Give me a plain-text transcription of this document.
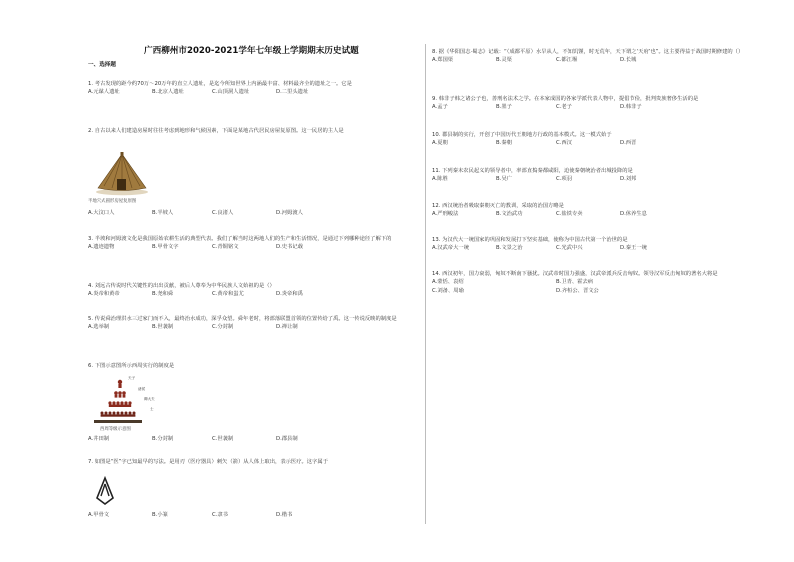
广西柳州市2020-2021学年七年级上学期期末历史试题
一、选择题
1. 考古发现的距今约70万～20万年的直立人遗址，是迄今所知世界上内涵最丰富、材料最齐全的遗址之一。它是
A.元谋人遗址	B.北京人遗址	C.山顶洞人遗址	D.二里头遗址
2. 自古以来人们建造房屋时往往考虑到地形和气候因素，下面是某地古代居民房屋复原图。这一民居的主人是
半地穴式圆形房屋复原图
A.大汶口人	B.半坡人	C.良渚人	D.河姆渡人
3. 半坡和河姆渡文化是我国原始农耕生活的典型代表。我们了解当时这两地人们的生产和生活情况，是通过下列哪种途径了解下的
A.遗迹遗物	B.甲骨文字	C.青铜铭文	D.史书记载
4. 刘远古传说时代关键性的出出贡献，被后人尊奉为中华民族人文始祖的是（）
A.炎帝和黄帝	B.尧和舜	C.黄帝和蚩尤	D.炎帝和禹
5. 传说舜治理洪水三过家门而不入，最终治水成功，深孚众望。舜年老时，将部落联盟首领的位置传给了禹。这一传说反映的制度是
A.选举制	B.世袭制	C.分封制	D.禅让制
6. 下图示意图所示西周实行的制度是
天子
诸侯
卿大夫
士
西周等级示意图
A.井田制	B.分封制	C.世袭制	D.郡县制
7. 如图是“医”字已知最早的写法。是用刃（医疗器具）刺矢（箭）从人体上取出，表示医疗。这字属于
A.甲骨文	B.小篆	C.隶书	D.楷书
8. 据《华阳国志·蜀志》记载：“（成都平原）水旱从人，不知饥馑，时无荒年，天下谓之‘天府’也”。这主要得益于战国时期修建的（）
A.郑国渠	B.灵渠	C.都江堰	D.长城
9. 韩非子韩之诸公子也，善刑名法术之学。在本家成国的各家学派代表人物中，提倡节俭，批判贵族奢侈生活的是
A.孟子	B.墨子	C.老子	D.韩非子
10. 郡县制的实行，开创了中国历代王朝地方行政的基本模式。这一模式始于
A.夏朝	B.秦朝	C.西汉	D.西晋
11. 下列秦末农民起义的领导者中，率部直捣秦都咸阳，迫使秦朝统治者出城投降的是
A.陈胜	B.吴广	C.项羽	D.刘邦
12. 西汉统治者吸取秦朝灭亡的教训，采取的治国方略是
A.严刑峻法	B.文治武功	C.盐铁专卖	D.休养生息
13. 为汉代大一统国家的巩固和发展打下坚实基础，使称为中国古代第一个治世的是
A.汉武帝大一统	B.文景之治	C.光武中兴	D.秦王一统
14. 西汉初年，国力衰弱，匈奴不断南下骚扰。汉武帝时国力强盛，汉武帝派兵反击匈奴。领导汉军反击匈奴的著名大将是
A.蒙恬、袁绍	B.卫青、霍去病
C.刘备、周瑜	D.齐桓公、晋文公
